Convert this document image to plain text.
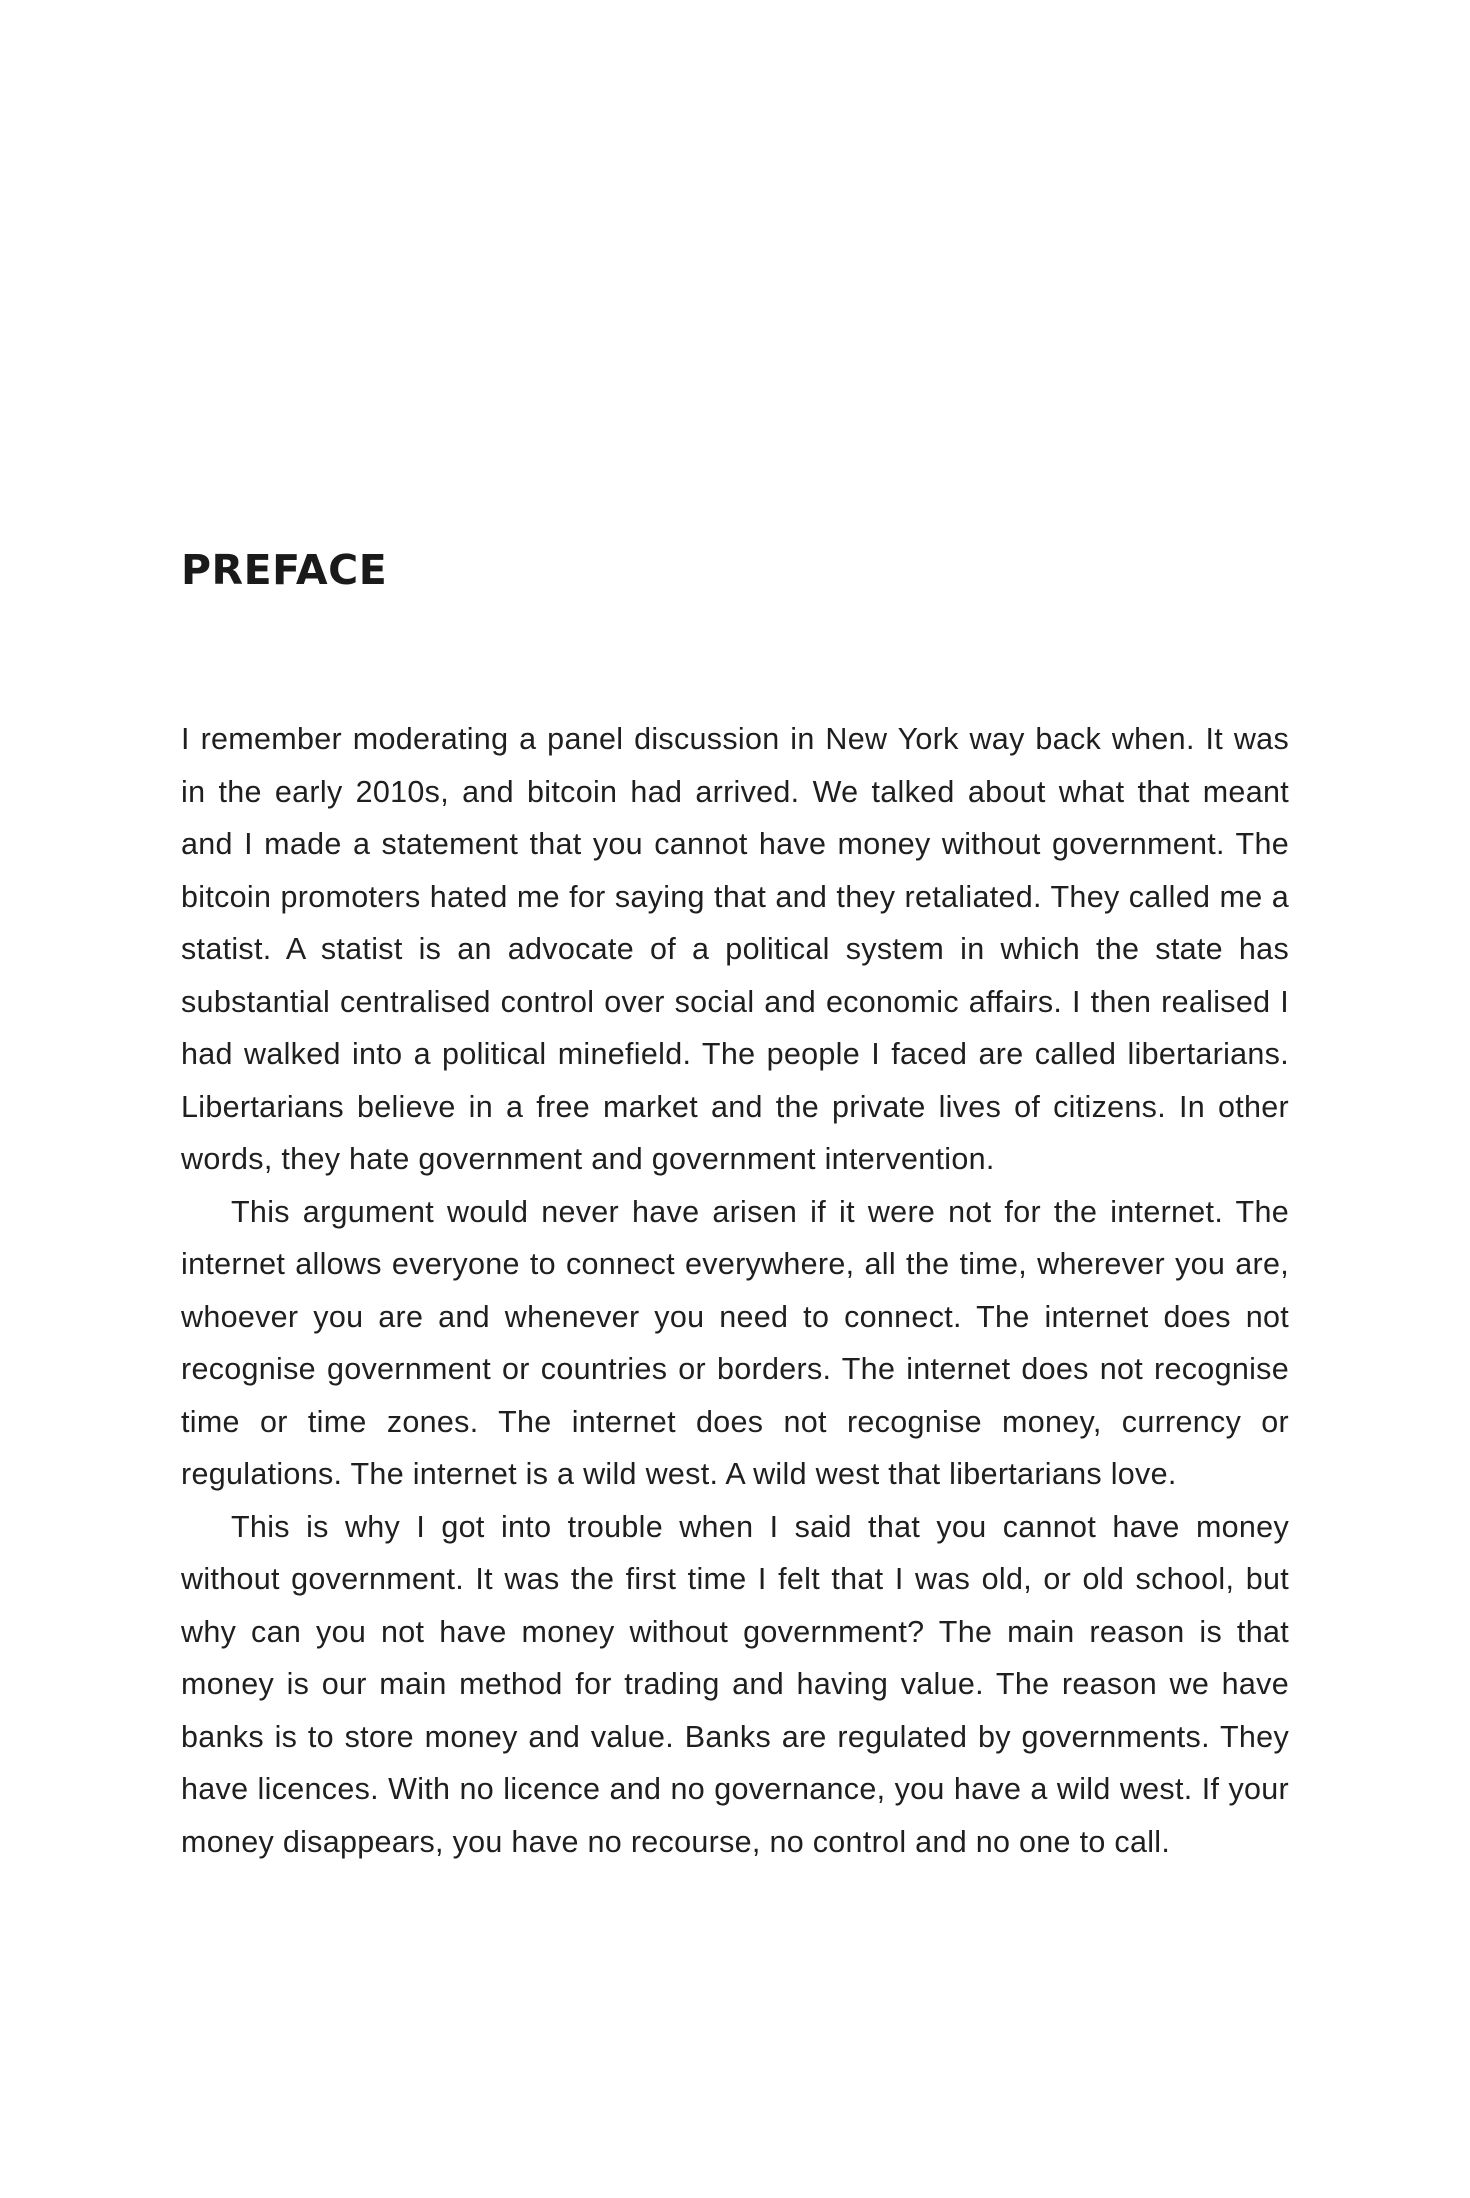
PREFACE

I remember moderating a panel discussion in New York way back when. It was in the early 2010s, and bitcoin had arrived. We talked about what that meant and I made a statement that you cannot have money without government. The bitcoin promoters hated me for saying that and they retaliated. They called me a statist. A statist is an advocate of a political system in which the state has substantial centralised control over social and economic affairs. I then realised I had walked into a political minefield. The people I faced are called libertarians. Libertarians believe in a free market and the private lives of citizens. In other words, they hate government and government intervention.

This argument would never have arisen if it were not for the internet. The internet allows everyone to connect everywhere, all the time, wherever you are, whoever you are and whenever you need to connect. The internet does not recognise government or countries or borders. The internet does not recognise time or time zones. The internet does not recognise money, currency or regulations. The internet is a wild west. A wild west that libertarians love.

This is why I got into trouble when I said that you cannot have money without government. It was the first time I felt that I was old, or old school, but why can you not have money without government? The main reason is that money is our main method for trading and having value. The reason we have banks is to store money and value. Banks are regulated by governments. They have licences. With no licence and no governance, you have a wild west. If your money disappears, you have no recourse, no control and no one to call.
